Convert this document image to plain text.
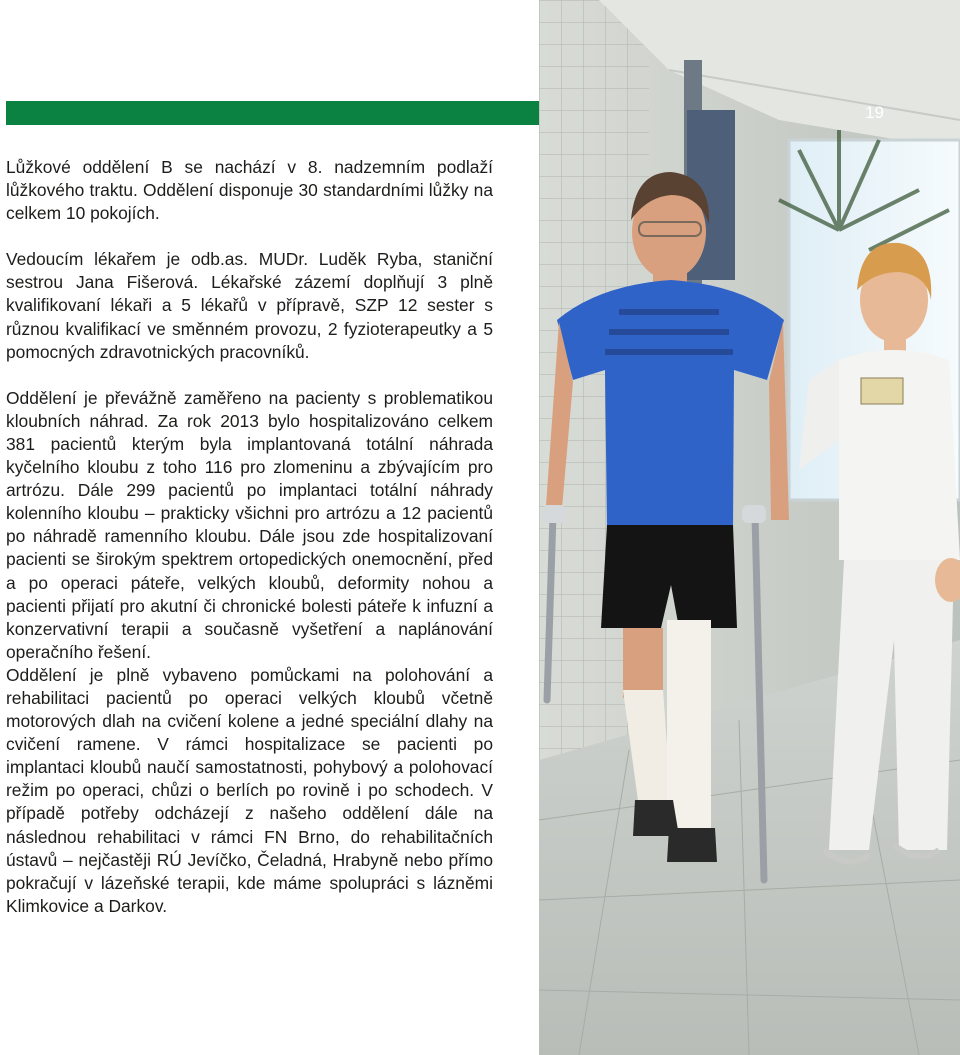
19

Lůžkové oddělení B se nachází v 8. nadzemním podlaží lůžkového traktu. Oddělení disponuje 30 standardními lůžky na celkem 10 pokojích.

Vedoucím lékařem je odb.as. MUDr. Luděk Ryba, staniční sestrou Jana Fišerová. Lékařské zázemí doplňují 3 plně kvalifikovaní lékaři a 5 lékařů v přípravě, SZP 12 sester s různou kvalifikací ve směnném provozu, 2 fyzioterapeutky a 5 pomocných zdravotnických pracovníků.

Oddělení je převážně zaměřeno na pacienty s problematikou kloubních náhrad. Za rok 2013 bylo hospitalizováno celkem 381 pacientů kterým byla implantovaná totální náhrada kyčelního kloubu z toho 116 pro zlomeninu a zbývajícím pro artrózu. Dále 299 pacientů po implantaci totální náhrady kolenního kloubu – prakticky všichni pro artrózu a 12 pacientů po náhradě ramenního kloubu. Dále jsou zde hospitalizovaní pacienti se širokým spektrem ortopedických onemocnění, před a po operaci páteře, velkých kloubů, deformity nohou a pacienti přijatí pro akutní či chronické bolesti páteře k infuzní a konzervativní terapii a současně vyšetření a naplánování operačního řešení.

Oddělení je plně vybaveno pomůckami na polohování a rehabilitaci pacientů po operaci velkých kloubů včetně motorových dlah na cvičení kolene a jedné speciální dlahy na cvičení ramene. V rámci hospitalizace se pacienti po implantaci kloubů naučí samostatnosti, pohybový a polohovací režim po operaci, chůzi o berlích po rovině i po schodech. V případě potřeby odcházejí z našeho oddělení dále na následnou rehabilitaci v rámci FN Brno, do rehabilitačních ústavů – nejčastěji RÚ Jevíčko, Čeladná, Hrabyně nebo přímo pokračují v lázeňské terapii, kde máme spolupráci s lázněmi Klimkovice a Darkov.
